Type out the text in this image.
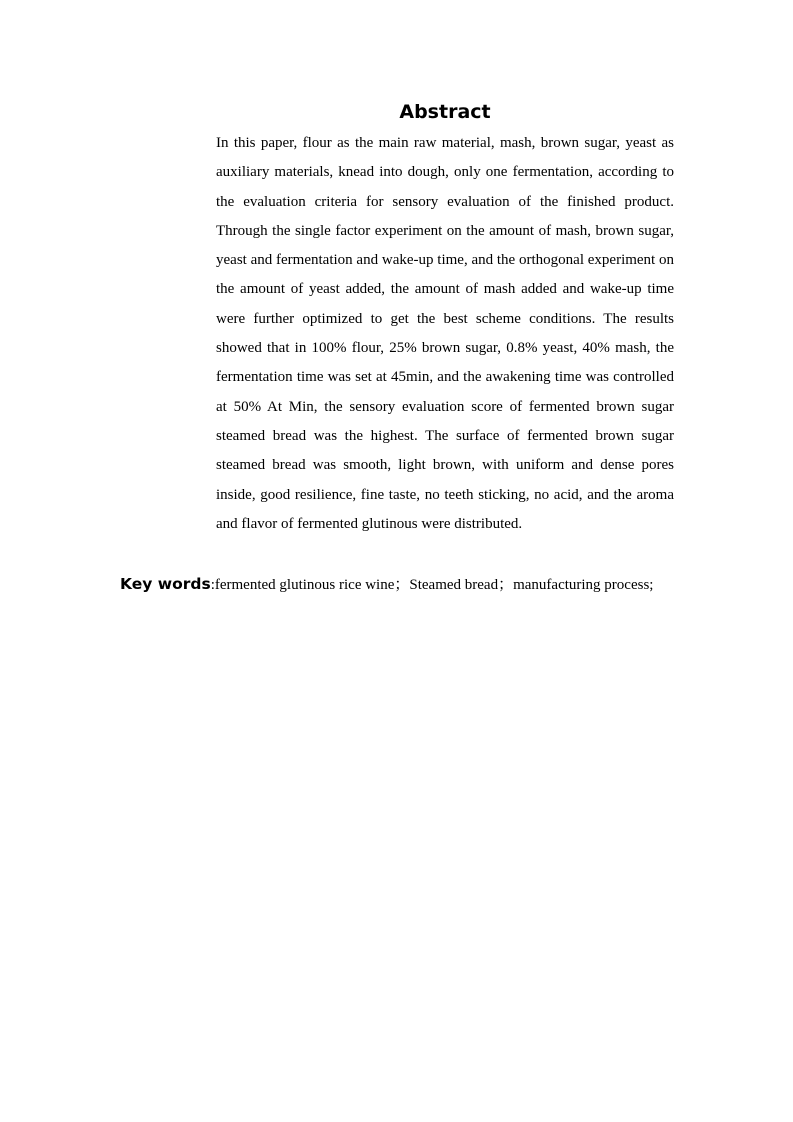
Abstract

In this paper, flour as the main raw material, mash, brown sugar, yeast as auxiliary materials, knead into dough, only one fermentation, according to the evaluation criteria for sensory evaluation of the finished product. Through the single factor experiment on the amount of mash, brown sugar, yeast and fermentation and wake-up time, and the orthogonal experiment on the amount of yeast added, the amount of mash added and wake-up time were further optimized to get the best scheme conditions. The results showed that in 100% flour, 25% brown sugar, 0.8% yeast, 40% mash, the fermentation time was set at 45min, and the awakening time was controlled at 50% At Min, the sensory evaluation score of fermented brown sugar steamed bread was the highest. The surface of fermented brown sugar steamed bread was smooth, light brown, with uniform and dense pores inside, good resilience, fine taste, no teeth sticking, no acid, and the aroma and flavor of fermented glutinous were distributed.

Key words:fermented glutinous rice wine；Steamed bread；manufacturing process;
